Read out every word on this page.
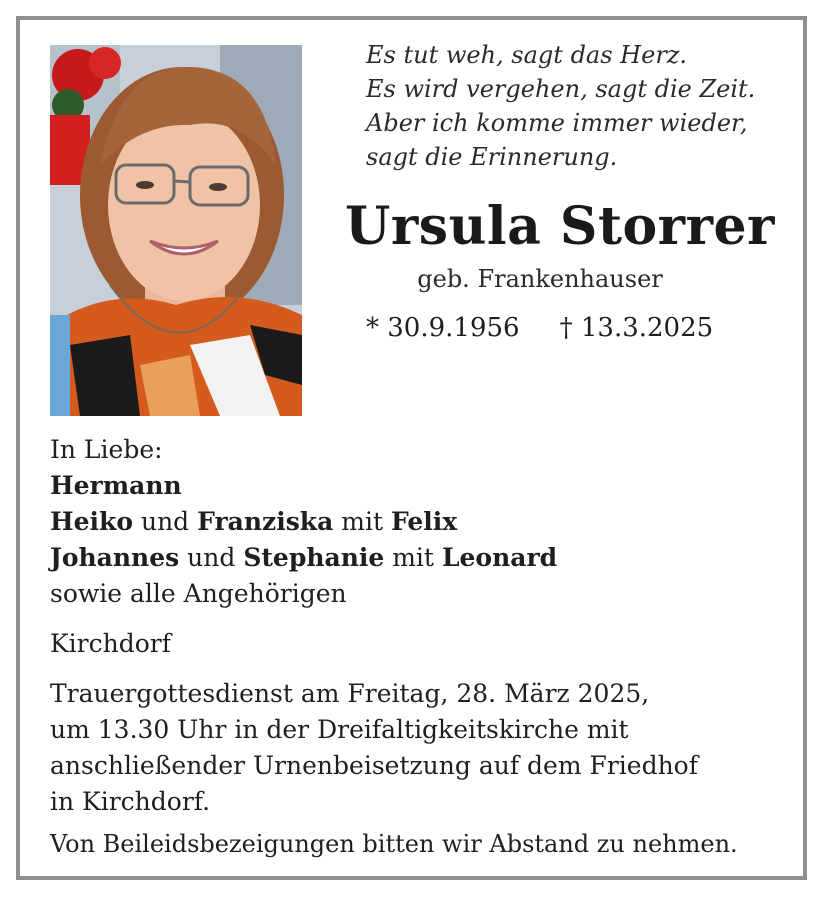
Es tut weh, sagt das Herz.
Es wird vergehen, sagt die Zeit.
Aber ich komme immer wieder,
sagt die Erinnerung.
Ursula Storrer
geb. Frankenhauser
* 30.9.1956 † 13.3.2025
In Liebe:
Hermann
Heiko und Franziska mit Felix
Johannes und Stephanie mit Leonard
sowie alle Angehörigen
Kirchdorf
Trauergottesdienst am Freitag, 28. März 2025,
um 13.30 Uhr in der Dreifaltigkeitskirche mit
anschließender Urnenbeisetzung auf dem Friedhof
in Kirchdorf.
Von Beileidsbezeigungen bitten wir Abstand zu nehmen.
